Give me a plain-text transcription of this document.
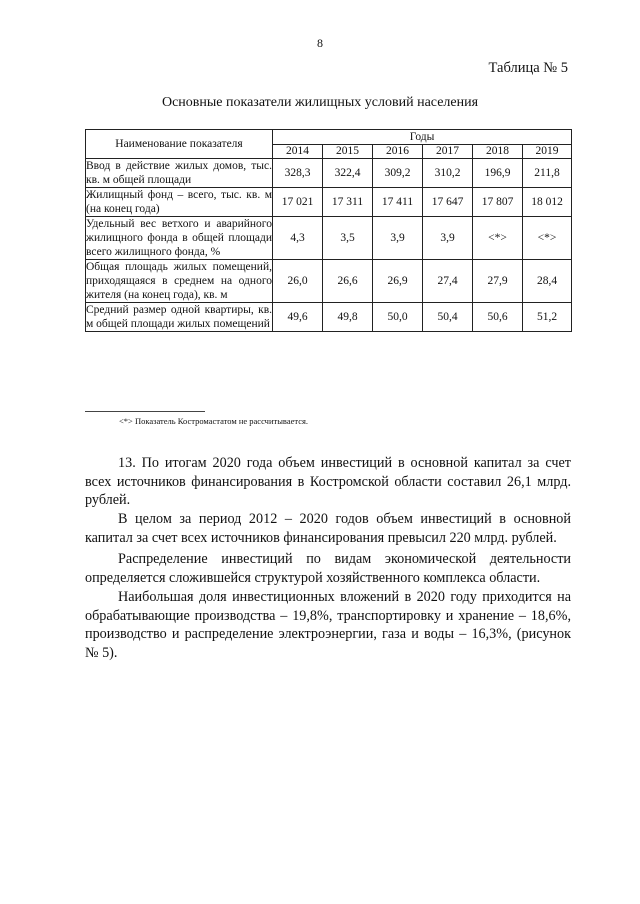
8
Таблица № 5
Основные показатели жилищных условий населения
Наименование показателя	Годы					
	2014	2015	2016	2017	2018	2019
Ввод в действие жилых домов, тыс. кв. м общей площади	328,3	322,4	309,2	310,2	196,9	211,8
Жилищный фонд – всего, тыс. кв. м (на конец года)	17 021	17 311	17 411	17 647	17 807	18 012
Удельный вес ветхого и аварийного жилищного фонда в общей площади всего жилищного фонда, %	4,3	3,5	3,9	3,9	<*>	<*>
Общая площадь жилых помещений, приходящаяся в среднем на одного жителя (на конец года), кв. м	26,0	26,6	26,9	27,4	27,9	28,4
Средний размер одной квартиры, кв. м общей площади жилых помещений	49,6	49,8	50,0	50,4	50,6	51,2
<*> Показатель Костромастатом не рассчитывается.

13. По итогам 2020 года объем инвестиций в основной капитал за счет всех источников финансирования в Костромской области составил 26,1 млрд. рублей.

В целом за период 2012 – 2020 годов объем инвестиций в основной капитал за счет всех источников финансирования превысил 220 млрд. рублей.

Распределение инвестиций по видам экономической деятельности определяется сложившейся структурой хозяйственного комплекса области.

Наибольшая доля инвестиционных вложений в 2020 году приходится на обрабатывающие производства – 19,8%, транспортировку и хранение – 18,6%, производство и распределение электроэнергии, газа и воды – 16,3%, (рисунок № 5).
